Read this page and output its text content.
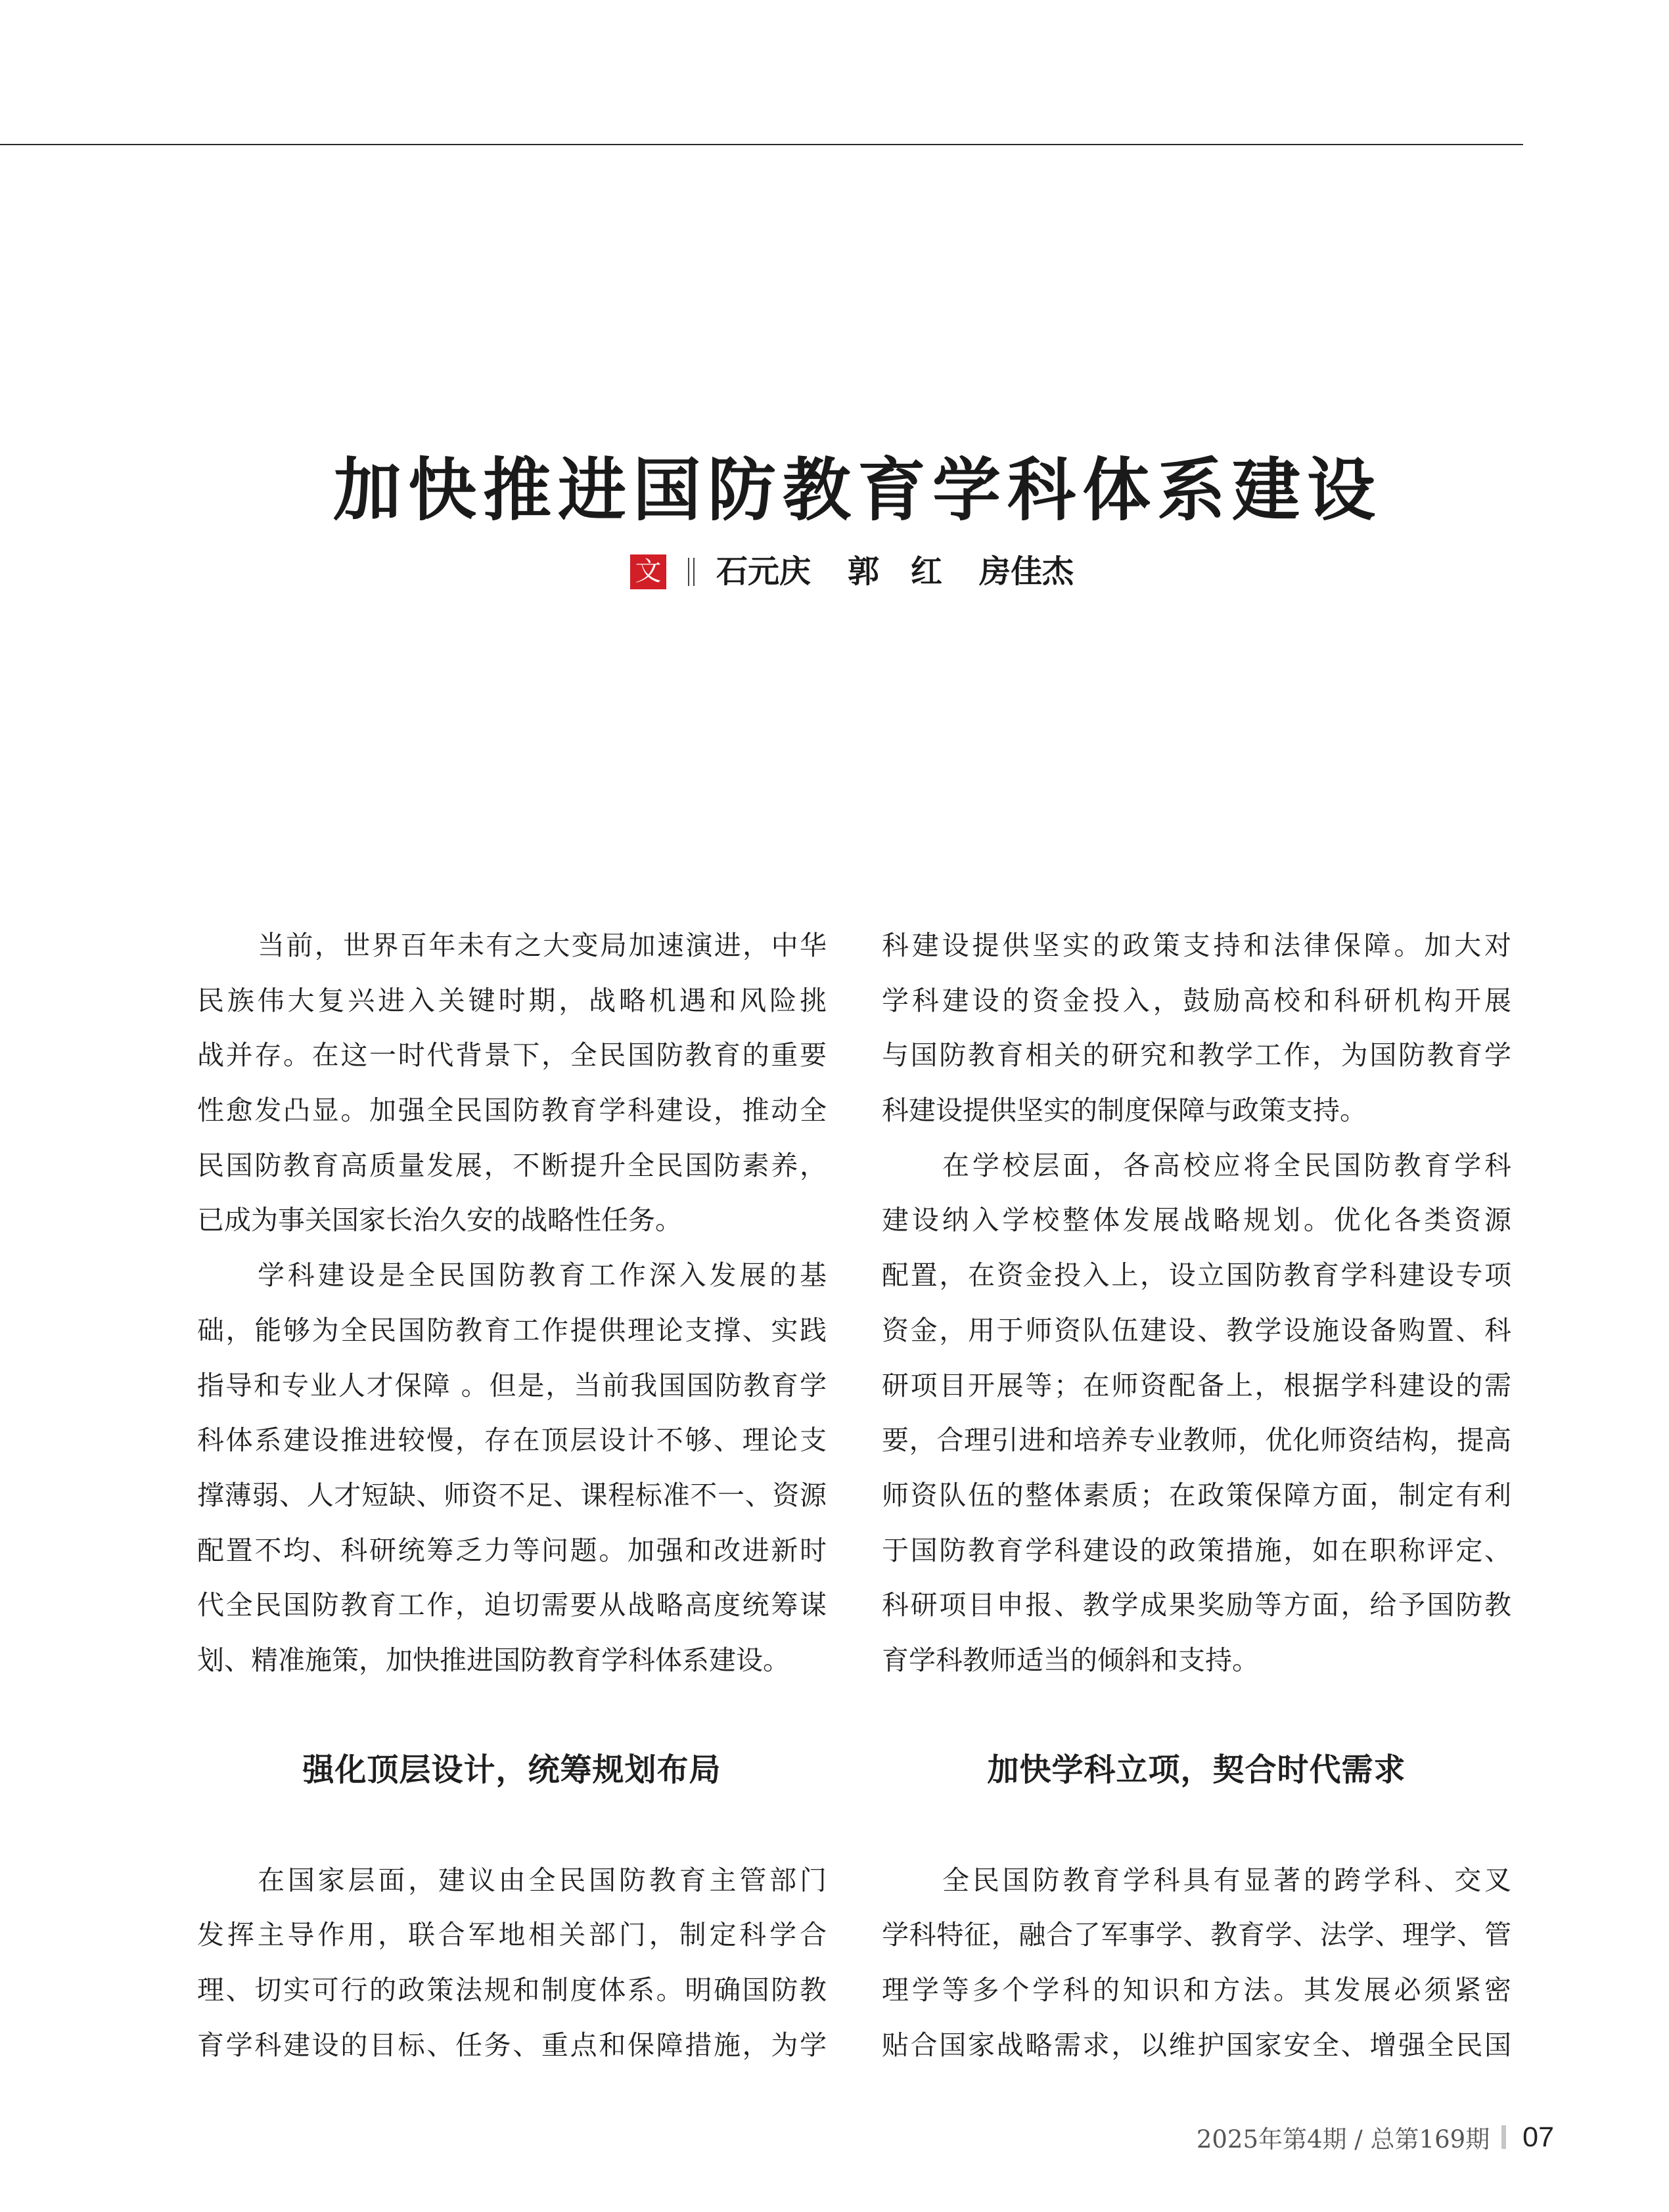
加快推进国防教育学科体系建设
文 石元庆 郭　红 房佳杰
当前，世界百年未有之大变局加速演进，中华
民族伟大复兴进入关键时期，战略机遇和风险挑
战并存。在这一时代背景下，全民国防教育的重要
性愈发凸显。加强全民国防教育学科建设，推动全
民国防教育高质量发展，不断提升全民国防素养，
已成为事关国家长治久安的战略性任务。
学科建设是全民国防教育工作深入发展的基
础，能够为全民国防教育工作提供理论支撑、实践
指导和专业人才保障 。但是，当前我国国防教育学
科体系建设推进较慢，存在顶层设计不够、理论支
撑薄弱、人才短缺、师资不足、课程标准不一、资源
配置不均、科研统筹乏力等问题。加强和改进新时
代全民国防教育工作，迫切需要从战略高度统筹谋
划、精准施策，加快推进国防教育学科体系建设。
强化顶层设计，统筹规划布局
在国家层面，建议由全民国防教育主管部门
发挥主导作用，联合军地相关部门，制定科学合
理、切实可行的政策法规和制度体系。明确国防教
育学科建设的目标、任务、重点和保障措施，为学
科建设提供坚实的政策支持和法律保障。加大对
学科建设的资金投入，鼓励高校和科研机构开展
与国防教育相关的研究和教学工作，为国防教育学
科建设提供坚实的制度保障与政策支持。
在学校层面，各高校应将全民国防教育学科
建设纳入学校整体发展战略规划。优化各类资源
配置，在资金投入上，设立国防教育学科建设专项
资金，用于师资队伍建设、教学设施设备购置、科
研项目开展等；在师资配备上，根据学科建设的需
要，合理引进和培养专业教师，优化师资结构，提高
师资队伍的整体素质；在政策保障方面，制定有利
于国防教育学科建设的政策措施，如在职称评定、
科研项目申报、教学成果奖励等方面，给予国防教
育学科教师适当的倾斜和支持。
加快学科立项，契合时代需求
全民国防教育学科具有显著的跨学科、交叉
学科特征，融合了军事学、教育学、法学、理学、管
理学等多个学科的知识和方法。其发展必须紧密
贴合国家战略需求，以维护国家安全、增强全民国
2025年第4期 / 总第169期 07
